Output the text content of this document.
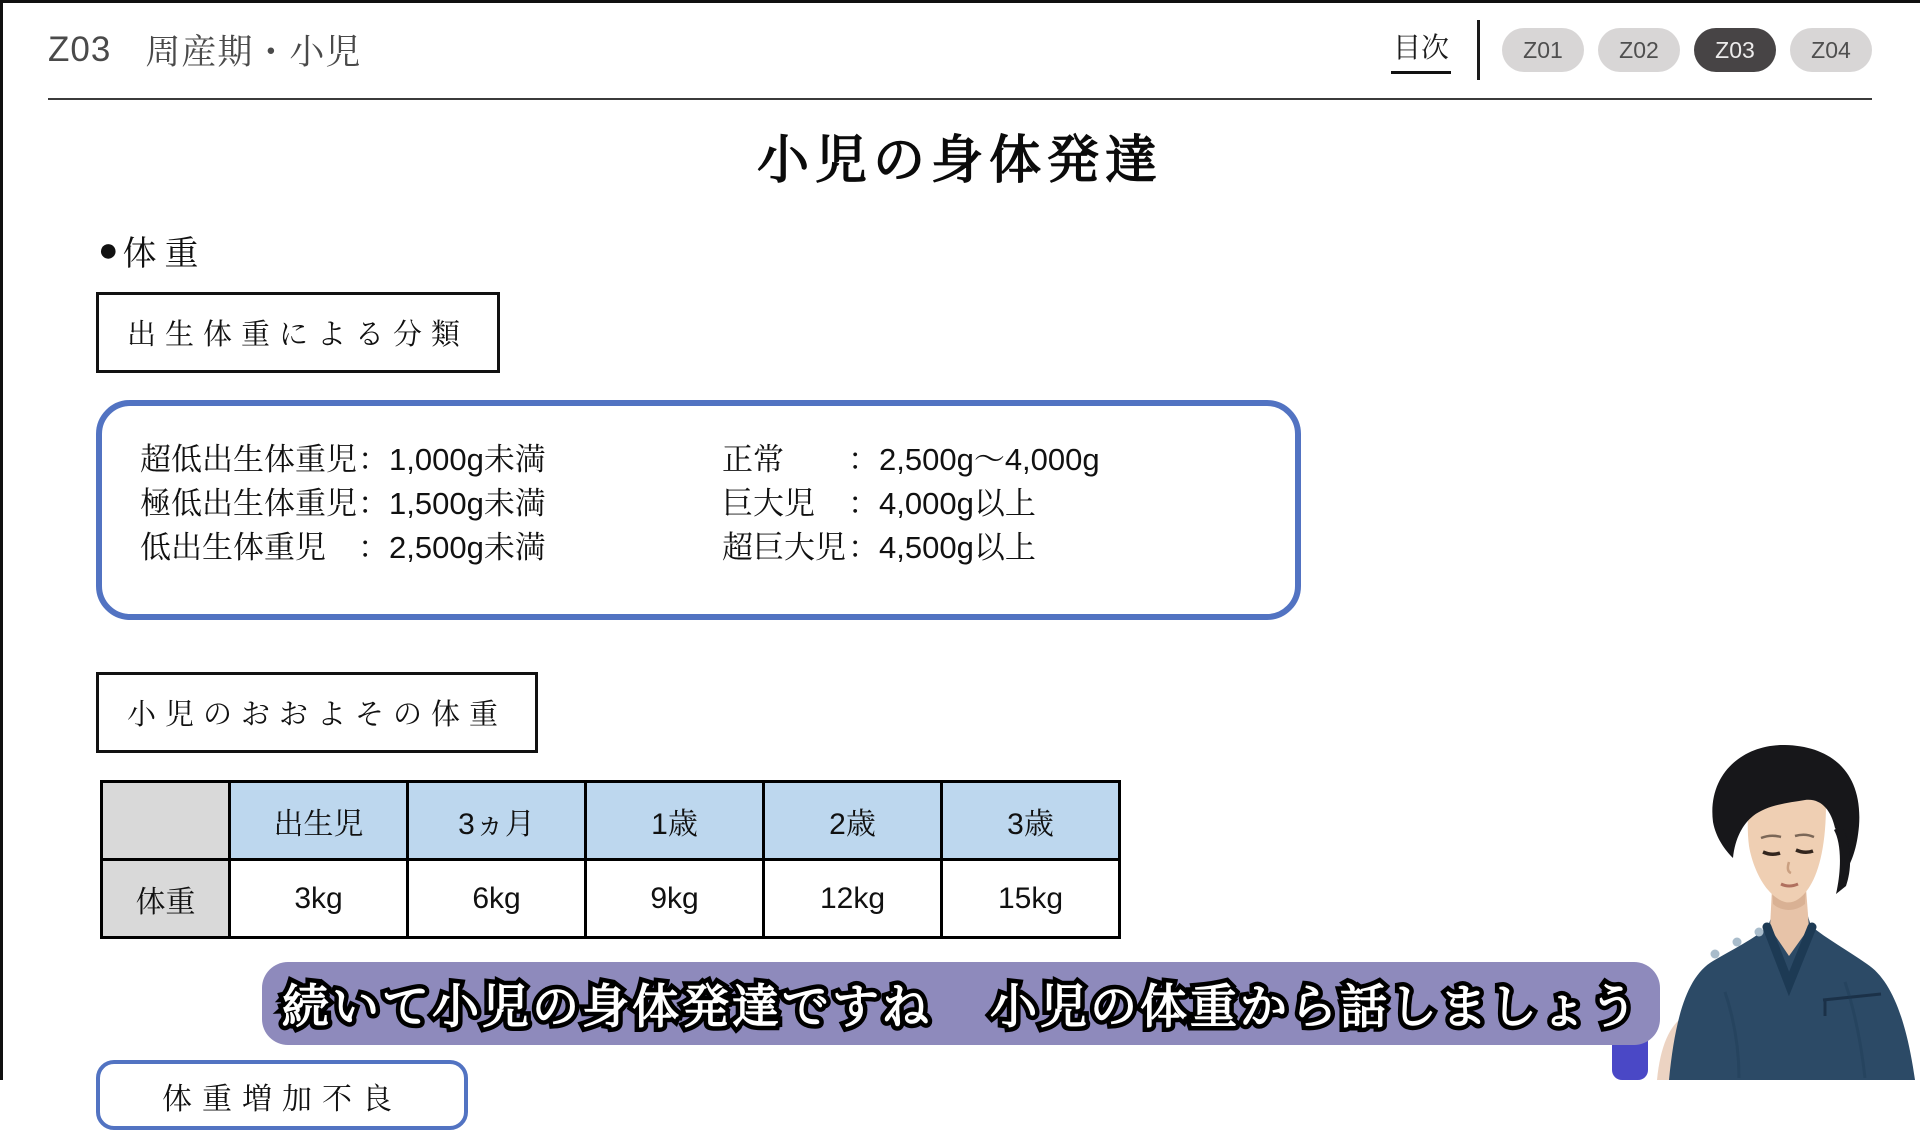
Z03 周産期・小児	目次	Z01	Z02	Z03	Z04
小児の身体発達
● 体重
出生体重による分類
超低出生体重児 ： 1,000g未満
極低出生体重児 ： 1,500g未満
低出生体重児	： 2,500g未満
正常	： 2,500g〜4,000g
巨大児	： 4,000g以上
超巨大児 ： 4,500g以上
小児のおおよその体重
	出生児	3ヵ月	1歳	2歳	3歳
体重	3kg	6kg	9kg	12kg	15kg
体重増加不良
続いて小児の身体発達ですね 小児の体重から話しましょう
